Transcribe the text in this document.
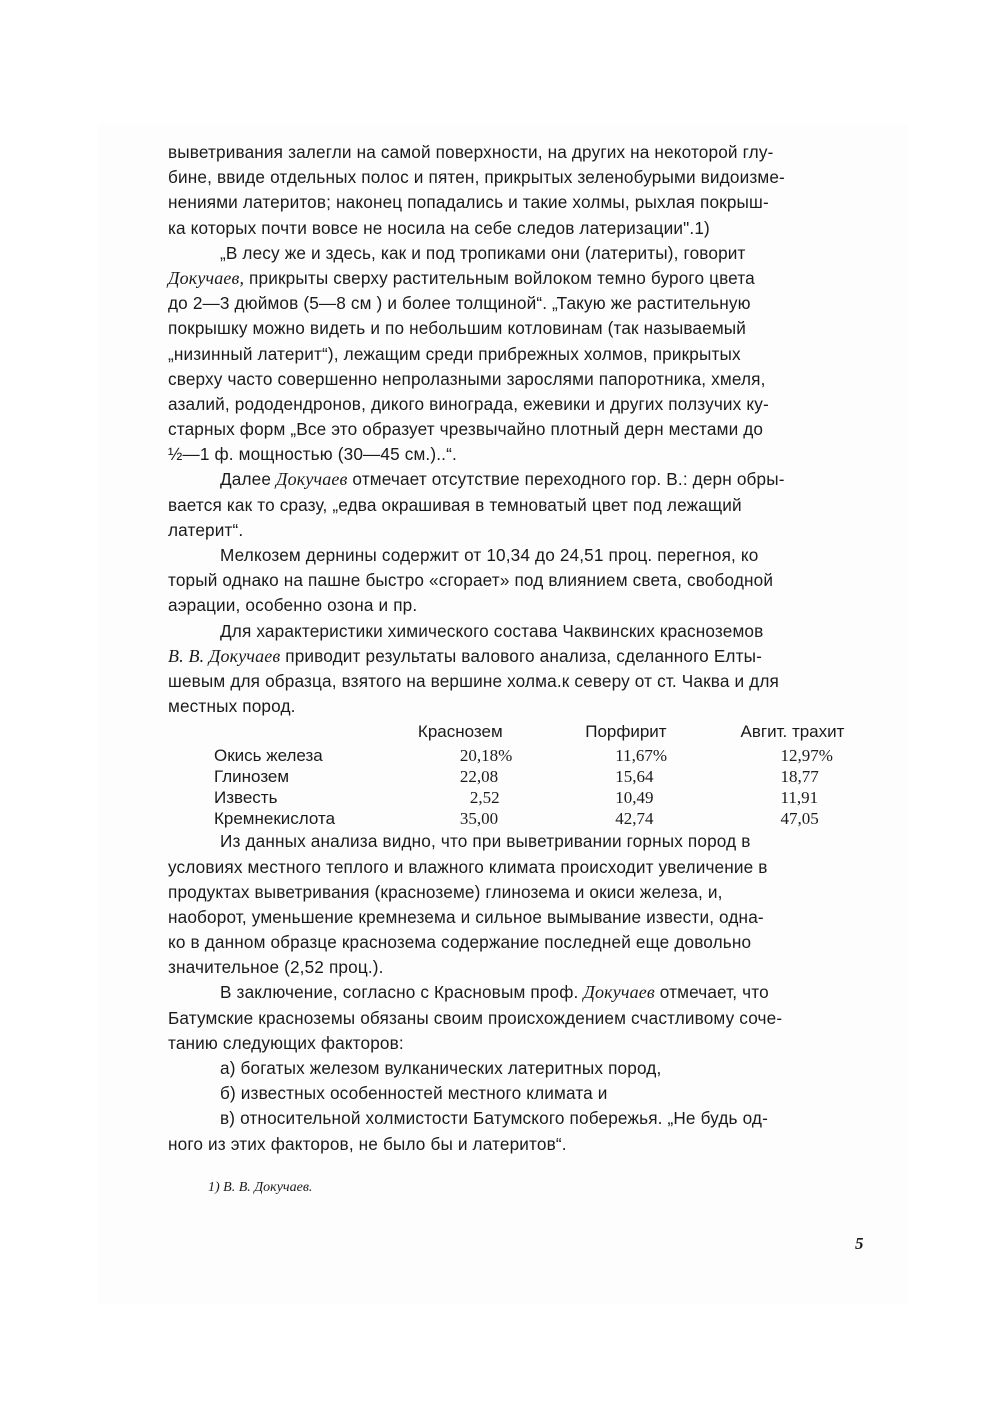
выветривания залегли на самой поверхности, на других на некоторой глу-
бине, ввиде отдельных полос и пятен, прикрытых зеленобурыми видоизме-
нениями латеритов; наконец попадались и такие холмы, рыхлая покрыш-
ка которых почти вовсе не носила на себе следов латеризации".1)
„В лесу же и здесь, как и под тропиками они (латериты), говорит
Докучаев, прикрыты сверху растительным войлоком темно бурого цвета
до 2—3 дюймов (5—8 см ) и более толщиной“. „Такую же растительную
покрышку можно видеть и по небольшим котловинам (так называемый
„низинный латерит“), лежащим среди прибрежных холмов, прикрытых
сверху часто совершенно непролазными зарослями папоротника, хмеля,
азалий, рододендронов, дикого винограда, ежевики и других ползучих ку-
старных форм „Все это образует чрезвычайно плотный дерн местами до
½—1 ф. мощностью (30—45 см.)..“.
Далее Докучаев отмечает отсутствие переходного гор. В.: дерн обры-
вается как то сразу, „едва окрашивая в темноватый цвет под лежащий
латерит“.
Мелкозем дернины содержит от 10,34 до 24,51 проц. перегноя, ко
торый однако на пашне быстро «сгорает» под влиянием света, свободной
аэрации, особенно озона и пр.
Для характеристики химического состава Чаквинских красноземов
В. В. Докучаев приводит результаты валового анализа, сделанного Елты-
шевым для образца, взятого на вершине холма.к северу от ст. Чаква и для
местных пород.
	Краснозем	Порфирит	Авгит. трахит
Окись железа	20,18%	11,67%	12,97%
Глинозем	22,08	15,64	18,77
Известь	2,52	10,49	11,91
Кремнекислота	35,00	42,74	47,05
Из данных анализа видно, что при выветривании горных пород в
условиях местного теплого и влажного климата происходит увеличение в
продуктах выветривания (красноземе) глинозема и окиси железа, и,
наоборот, уменьшение кремнезема и сильное вымывание извести, одна-
ко в данном образце краснозема содержание последней еще довольно
значительное (2,52 проц.).
В заключение, согласно с Красновым проф. Докучаев отмечает, что
Батумские красноземы обязаны своим происхождением счастливому соче-
танию следующих факторов:
а) богатых железом вулканических латеритных пород,
б) известных особенностей местного климата и
в) относительной холмистости Батумского побережья. „Не будь од-
ного из этих факторов, не было бы и латеритов“.
1) В. В. Докучаев.
5
